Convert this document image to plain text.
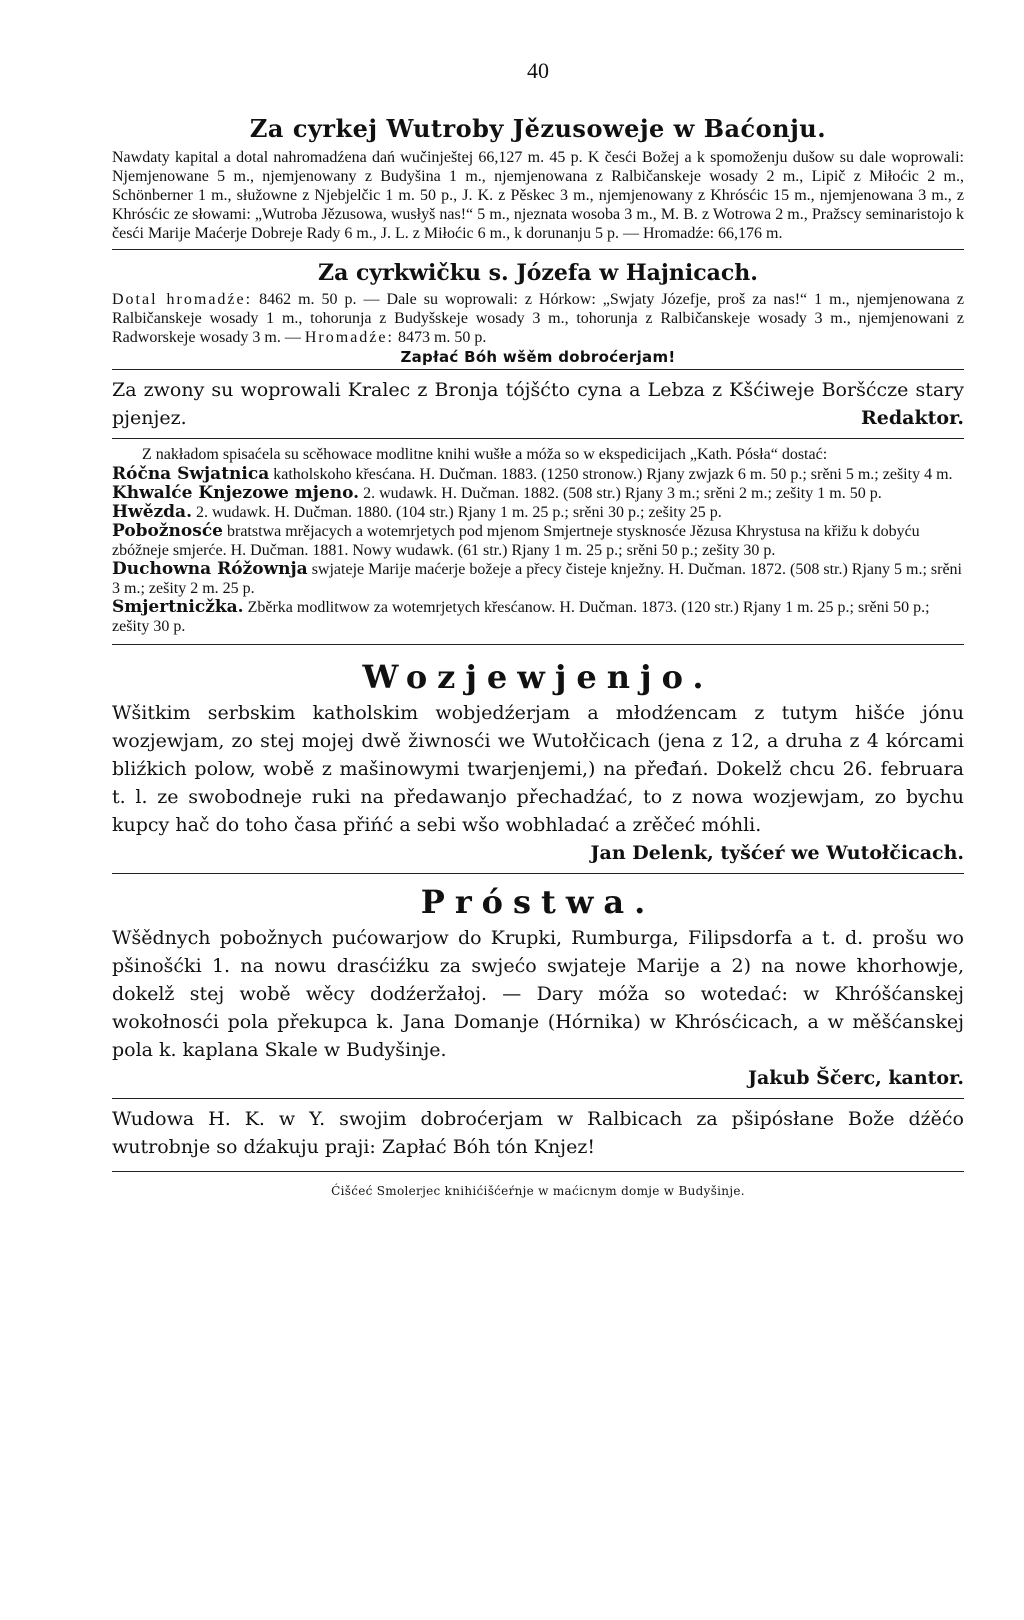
40
Za cyrkej Wutroby Jězusoweje w Baćonju.
Nawdaty kapital a dotal nahromadźena dań wučinještej 66,127 m. 45 p. K česći Božej a k spomoženju dušow su dale woprowali: Njemjenowane 5 m., njemjenowany z Budyšina 1 m., njemjenowana z Ralbičanskeje wosady 2 m., Lipič z Miłoćic 2 m., Schönberner 1 m., słužowne z Njebjelčic 1 m. 50 p., J. K. z Pěskec 3 m., njemjenowany z Khrósćic 15 m., njemjenowana 3 m., z Khrósćic ze słowami: „Wutroba Jězusowa, wusłyš nas!“ 5 m., njeznata wosoba 3 m., M. B. z Wotrowa 2 m., Pražscy seminaristojo k česći Marije Maćerje Dobreje Rady 6 m., J. L. z Miłoćic 6 m., k dorunanju 5 p. — Hromadźe: 66,176 m.
Za cyrkwičku s. Józefa w Hajnicach.
Dotal hromadźe: 8462 m. 50 p. — Dale su woprowali: z Hórkow: „Swjaty Józefje, proš za nas!“ 1 m., njemjenowana z Ralbičanskeje wosady 1 m., tohorunja z Budyšskeje wosady 3 m., tohorunja z Ralbičanskeje wosady 3 m., njemjenowani z Radworskeje wosady 3 m. — Hromadźe: 8473 m. 50 p.
Zapłać Bóh wšěm dobroćerjam!
Za zwony su woprowali Kralec z Bronja tójšćto cyna a Lebza z Kšćiweje Boršćcze stary pjenjez.	Redaktor.
Z nakładom spisaćela su scěhowace modlitne knihi wušłe a móža so w ekspedicijach „Kath. Pósła“ dostać:
Róčna Swjatnica katholskoho křesćana. H. Dučman. 1883. (1250 stronow.) Rjany zwjazk 6 m. 50 p.; srěni 5 m.; zešity 4 m.
Khwalće Knjezowe mjeno. 2. wudawk. H. Dučman. 1882. (508 str.) Rjany 3 m.; srěni 2 m.; zešity 1 m. 50 p.
Hwězda. 2. wudawk. H. Dučman. 1880. (104 str.) Rjany 1 m. 25 p.; srěni 30 p.; zešity 25 p.
Pobožnosće bratstwa mrějacych a wotemrjetych pod mjenom Smjertneje stysknosće Jězusa Khrystusa na křižu k dobyću zbóžneje smjerće. H. Dučman. 1881. Nowy wudawk. (61 str.) Rjany 1 m. 25 p.; srěni 50 p.; zešity 30 p.
Duchowna Róžownja swjateje Marije maćerje božeje a přecy čisteje knježny. H. Dučman. 1872. (508 str.) Rjany 5 m.; srěni 3 m.; zešity 2 m. 25 p.
Smjertnicžka. Zběrka modlitwow za wotemrjetych křesćanow. H. Dučman. 1873. (120 str.) Rjany 1 m. 25 p.; srěni 50 p.; zešity 30 p.
Wozjewjenjo.
Wšitkim serbskim katholskim wobjedźerjam a młodźencam z tutym hišće jónu wozjewjam, zo stej mojej dwě žiwnosći we Wutołčicach (jena z 12, a druha z 4 kórcami bliźkich polow, wobě z mašinowymi twarjenjemi,) na přeđań. Dokelž chcu 26. februara t. l. ze swobodneje ruki na předawanjo přechadźać, to z nowa wozjewjam, zo bychu kupcy hač do toho časa přińć a sebi wšo wobhladać a zrěčeć móhli.
Jan Delenk, tyšćeŕ we Wutołčicach.
Próstwa.
Wšědnych pobožnych pućowarjow do Krupki, Rumburga, Filipsdorfa a t. d. prošu wo pšinošćki 1. na nowu drasćiźku za swjećo swjateje Marije a 2) na nowe khorhowje, dokelž stej wobě wěcy dodźeržałoj. — Dary móža so wotedać: w Khróšćanskej wokołnosći pola překupca k. Jana Domanje (Hórnika) w Khrósćicach, a w měšćanskej pola k. kaplana Skale w Budyšinje.
Jakub Ščerc, kantor.
Wudowa H. K. w Y. swojim dobroćerjam w Ralbicach za pšipósłane Bože dźěćo wutrobnje so dźakuju praji: Zapłać Bóh tón Knjez!
Ćišćeć Smolerjec knihićišćeŕnje w maćicnym domje w Budyšinje.
